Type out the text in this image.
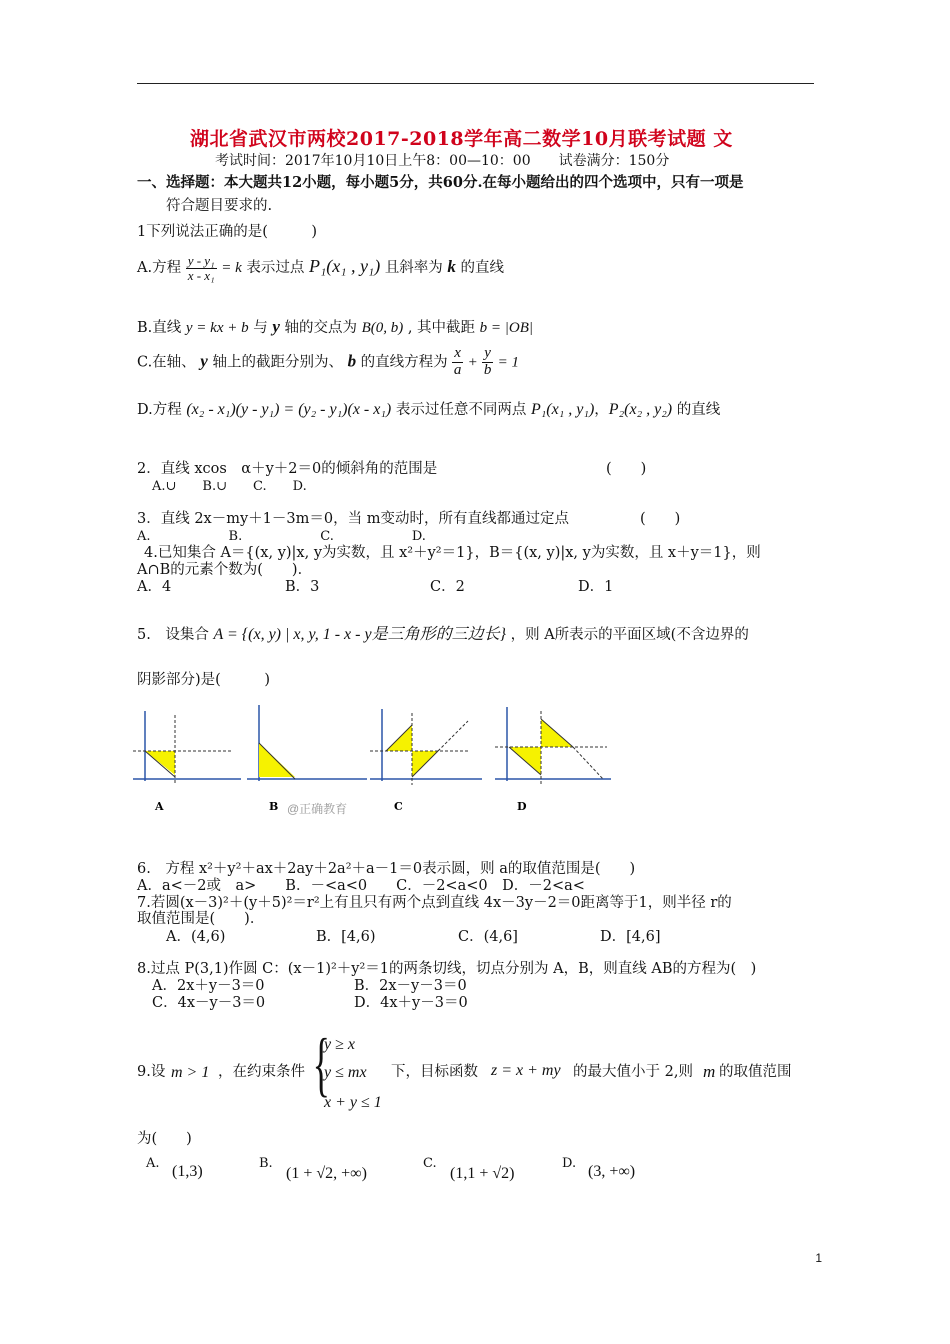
湖北省武汉市两校2017-2018学年高二数学10月联考试题 文
考试时间：2017年10月10日上午8：00—10：00　　试卷满分：150分
一、选择题：本大题共12小题，每小题5分，共60分.在每小题给出的四个选项中，只有一项是
符合题目要求的.
1下列说法正确的是(　　　)
A.方程 $\frac{\text{y - y₁}}{\text{x - x₁}} = k$ 表示过点 P₁(x₁ , y₁) 且斜率为 k 的直线
B.直线 y = kx + b 与 y 轴的交点为 B(0, b) , 其中截距 b = |OB|
C.在轴、 y 轴上的截距分别为、 b 的直线方程为 $\frac{x}{a} + \frac{y}{b} = 1$
D.方程 (x₂ - x₁)(y - y₁) = (y₂ - y₁)(x - x₁) 表示过任意不同两点 P₁(x₁ , y₁)，P₂(x₂ , y₂) 的直线
2．直线 xcos　α＋y＋2＝0的倾斜角的范围是	(　　)
A.∪　　B.∪　　C.　　D.
3．直线 2x－my＋1－3m＝0，当 m变动时，所有直线都通过定点	(　　)
A.　　　　　　B.　　　　　　C.　　　　　　D.
4.已知集合 A＝{(x, y)|x, y为实数，且 x²＋y²＝1}，B＝{(x, y)|x, y为实数，且 x＋y＝1}，则
A∩B的元素个数为(　　)．
A．4	B．3	C．2	D．1
5.　设集合 A = {(x, y) | x, y, 1 - x - y是三角形的三边长} ，则 A所表示的平面区域(不含边界的
阴影部分)是(　　　)
A	B @正确教育	C	D
6.　方程 x²＋y²＋ax＋2ay＋2a²＋a－1＝0表示圆，则 a的取值范围是(　　)
A．a<－2或　a>　　B．－<a<0　　C．－2<a<0　D．－2<a<
7.若圆(x－3)²＋(y＋5)²＝r²上有且只有两个点到直线 4x－3y－2＝0距离等于1，则半径 r的
取值范围是(　　)．
A．(4,6)	B．[4,6)	C．(4,6]	D．[4,6]
8.过点 P(3,1)作圆 C：(x－1)²＋y²＝1的两条切线，切点分别为 A，B，则直线 AB的方程为(　)
A．2x＋y－3＝0	B．2x－y－3＝0
C．4x－y－3＝0	D．4x＋y－3＝0
9.设 m > 1 ，在约束条件 {
y ≥ x
y ≤ mx
x + y ≤ 1
下，目标函数 z = x + my 的最大值小于 2,则 m 的取值范围
为(　　)
A. (1,3)	B.
(1 + √2, +∞)
C.
(1,1 + √2)
D. (3, +∞)
1
